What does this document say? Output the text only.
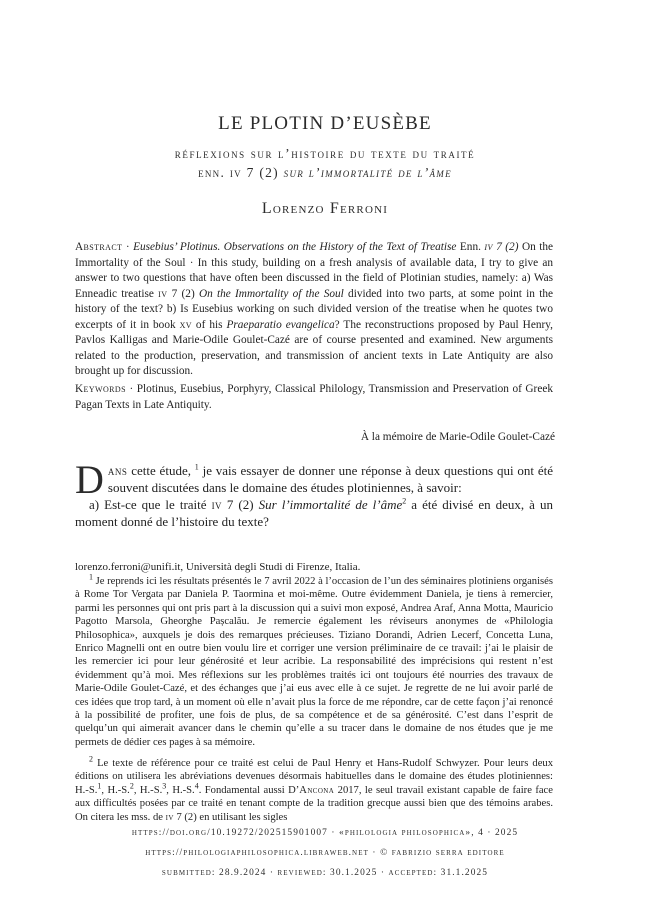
LE PLOTIN D’EUSÈBE
réflexions sur l’histoire du texte du traité
enn. iv 7 (2) sur l’immortalité de l’âme
Lorenzo Ferroni
Abstract · Eusebius’ Plotinus. Observations on the History of the Text of Treatise Enn. iv 7 (2) On the Immortality of the Soul · In this study, building on a fresh analysis of available data, I try to give an answer to two questions that have often been discussed in the field of Plotinian studies, namely: a) Was Enneadic treatise iv 7 (2) On the Immortality of the Soul divided into two parts, at some point in the history of the text? b) Is Eusebius working on such divided version of the treatise when he quotes two excerpts of it in book xv of his Praeparatio evangelica? The reconstructions proposed by Paul Henry, Pavlos Kalligas and Marie-Odile Goulet-Cazé are of course presented and examined. New arguments related to the production, preservation, and transmission of ancient texts in Late Antiquity are also brought up for discussion.
Keywords · Plotinus, Eusebius, Porphyry, Classical Philology, Transmission and Preservation of Greek Pagan Texts in Late Antiquity.
À la mémoire de Marie-Odile Goulet-Cazé
Dans cette étude, $^1$ je vais essayer de donner une réponse à deux questions qui ont été souvent discutées dans le domaine des études plotiniennes, à savoir:
a) Est-ce que le traité iv 7 (2) Sur l’immortalité de l’âme$^2$ a été divisé en deux, à un moment donné de l’histoire du texte?
lorenzo.ferroni@unifi.it, Università degli Studi di Firenze, Italia.
$^1$ Je reprends ici les résultats présentés le 7 avril 2022 à l’occasion de l’un des séminaires plotiniens organisés à Rome Tor Vergata par Daniela P. Taormina et moi-même. Outre évidemment Daniela, je tiens à remercier, parmi les personnes qui ont pris part à la discussion qui a suivi mon exposé, Andrea Araf, Anna Motta, Mauricio Pagotto Marsola, Gheorghe Pașcalău. Je remercie également les réviseurs anonymes de «Philologia Philosophica», auxquels je dois des remarques précieuses. Tiziano Dorandi, Adrien Lecerf, Concetta Luna, Enrico Magnelli ont en outre bien voulu lire et corriger une version préliminaire de ce travail: j’ai le plaisir de les remercier ici pour leur générosité et leur acribie. La responsabilité des imprécisions qui restent n’est évidemment qu’à moi. Mes réflexions sur les problèmes traités ici ont toujours été nourries des travaux de Marie-Odile Goulet-Cazé, et des échanges que j’ai eus avec elle à ce sujet. Je regrette de ne lui avoir parlé de ces idées que trop tard, à un moment où elle n’avait plus la force de me répondre, car de cette façon j’ai renoncé à la possibilité de profiter, une fois de plus, de sa compétence et de sa générosité. C’est dans l’esprit de quelqu’un qui aimerait avancer dans le chemin qu’elle a su tracer dans le domaine de nos études que je me permets de dédier ces pages à sa mémoire.
$^2$ Le texte de référence pour ce traité est celui de Paul Henry et Hans-Rudolf Schwyzer. Pour leurs deux éditions on utilisera les abréviations devenues désormais habituelles dans le domaine des études plotiniennes: H.-S.$^1$, H.-S.$^2$, H.-S.$^3$, H.-S.$^4$. Fondamental aussi D’Ancona 2017, le seul travail existant capable de faire face aux difficultés posées par ce traité en tenant compte de la tradition grecque aussi bien que des témoins arabes. On citera les mss. de iv 7 (2) en utilisant les sigles
https://doi.org/10.19272/202515901007 · «philologia philosophica», 4 · 2025
https://philologiaphilosophica.libraweb.net · © fabrizio serra editore
submitted: 28.9.2024 · reviewed: 30.1.2025 · accepted: 31.1.2025
